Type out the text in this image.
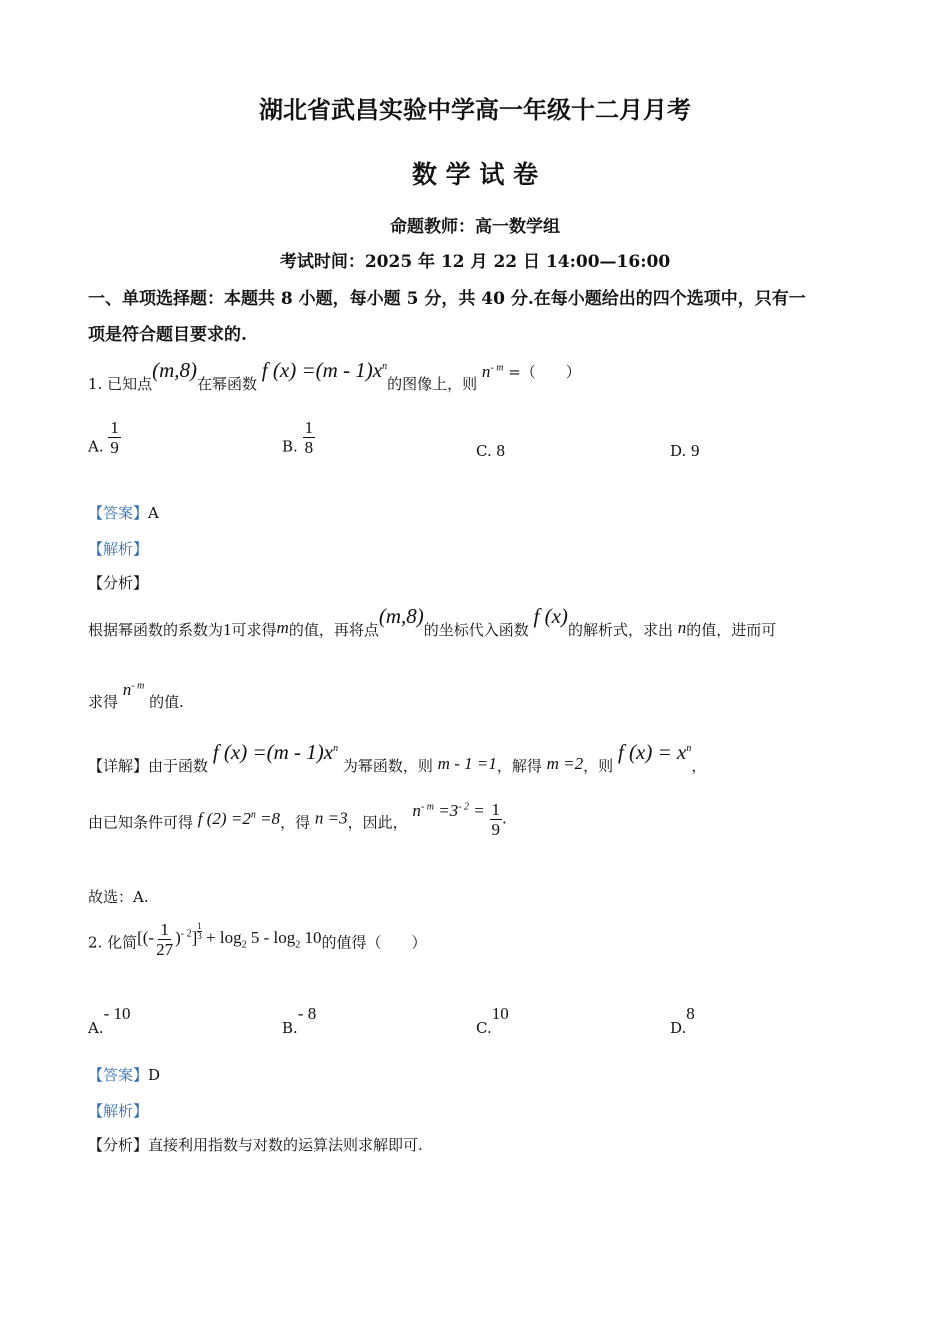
湖北省武昌实验中学高一年级十二月月考
数 学 试 卷
命题教师：高一数学组
考试时间：2025 年 12 月 22 日 14:00—16:00
一、单项选择题：本题共 8 小题，每小题 5 分，共 40 分.在每小题给出的四个选项中，只有一
项是符合题目要求的.
1. 已知点(m,8)在幂函数 f $(x) =(m - 1)x^n$的图像上，则 $n^{- m}$ =（　　）
A. $\frac{1}{9}$	B. $\frac{1}{8}$	C. 8	D. 9
【答案】A
【解析】
【分析】
根据幂函数的系数为1可求得m的值，再将点(m,8)的坐标代入函数 f (x)的解析式，求出 n的值，进而可
求得 $n^{- m}$ 的值.
【详解】由于函数 f $(x) =(m - 1)x^n$ 为幂函数，则 m - 1 =1，解得 m =2，则 f $(x) = x^n$，
由已知条件可得 f $(2) =2^n =8$，得 n =3，因此， $n^{- m} =3^{- 2} = \frac{1}{9}$ .
故选：A.
2. 化简[(- $\frac{1}{27} )^{- 2}] \frac{1}{3} + \log_2 5 - \log_2 10$的值得（　　）
A.- 10
B.- 8
C.10
D.8
【答案】D
【解析】
【分析】直接利用指数与对数的运算法则求解即可.
